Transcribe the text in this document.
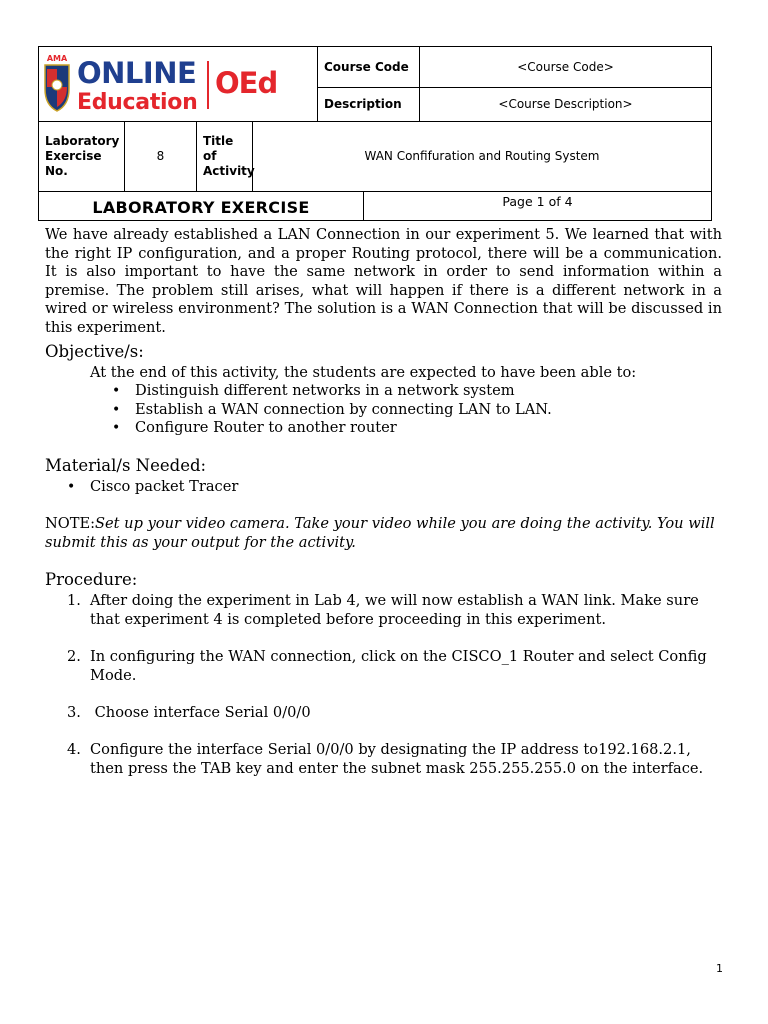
AMA ONLINE
Education
OEd				Course Code		<Course Code>
				Description		<Course Description>
Laboratory Exercise No.	8	Title of Activity	WAN Confifuration and Routing System			
LABORATORY EXERCISE					Page 1 of 4	

We have already established a LAN Connection in our experiment 5. We learned that with the right IP configuration, and a proper Routing protocol, there will be a communication. It is also important to have the same network in order to send information within a premise. The problem still arises, what will happen if there is a different network in a wired or wireless environment? The solution is a WAN Connection that will be discussed in this experiment.

Objective/s:

At the end of this activity, the students are expected to have been able to:

• Distinguish different networks in a network system
• Establish a WAN connection by connecting LAN to LAN.
• Configure Router to another router
Material/s Needed:
• Cisco packet Tracer

NOTE:Set up your video camera. Take your video while you are doing the activity. You will submit this as your output for the activity.

Procedure:
1. After doing the experiment in Lab 4, we will now establish a WAN link. Make sure that experiment 4 is completed before proceeding in this experiment.
2. In configuring the WAN connection, click on the CISCO_1 Router and select Config Mode.
3. Choose interface Serial 0/0/0
4. Configure the interface Serial 0/0/0 by designating the IP address to192.168.2.1, then press the TAB key and enter the subnet mask 255.255.255.0 on the interface.
1
